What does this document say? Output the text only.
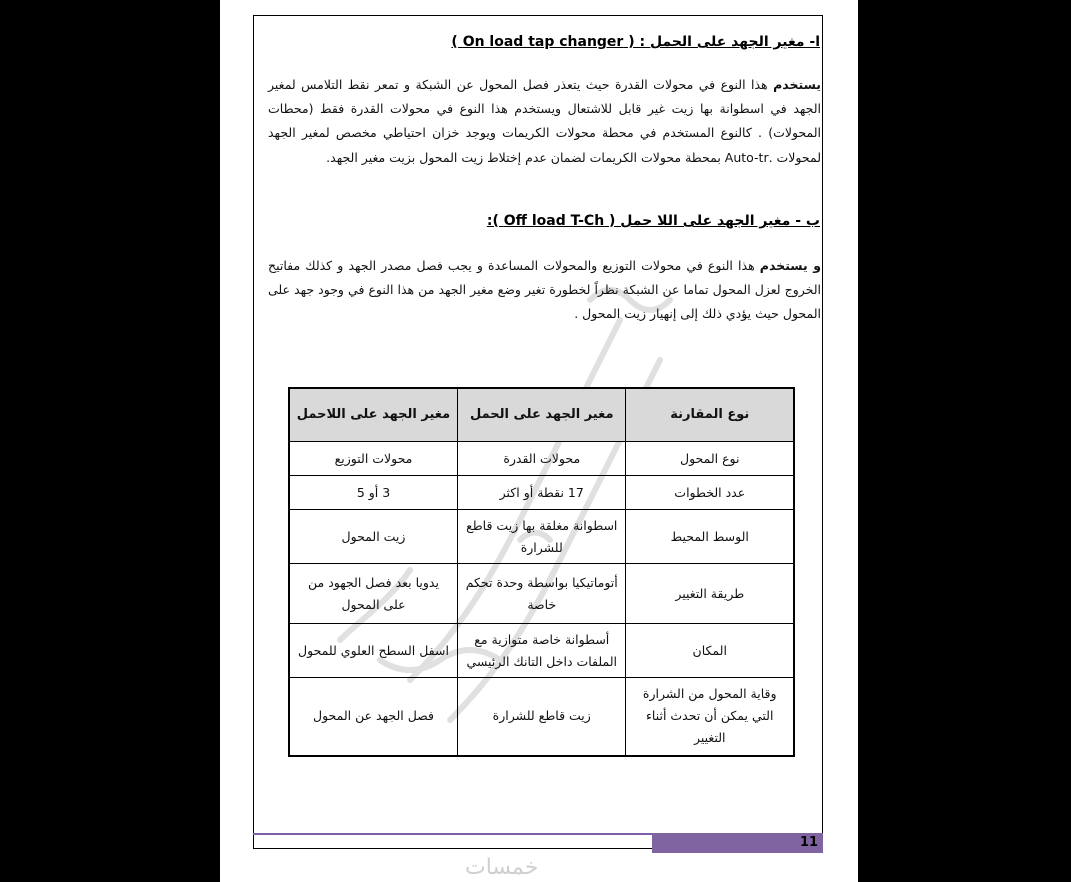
ا- مغير الجهد على الحمل : ( On load tap changer )
يستخدم هذا النوع في محولات القدرة حيث يتعذر فصل المحول عن الشبكة و تمعر نقط التلامس لمغير الجهد في اسطوانة بها زيت غير قابل للاشتعال ويستخدم هذا النوع في محولات القدرة فقط (محطات المحولات) . كالنوع المستخدم في محطة محولات الكريمات ويوجد خزان احتياطي مخصص لمغير الجهد لمحولات .Auto-tr بمحطة محولات الكريمات لضمان عدم إختلاط زيت المحول بزيت مغير الجهد.
ب - مغير الجهد على اللا حمل ( Off load T-Ch ):
و يستخدم هذا النوع في محولات التوزيع والمحولات المساعدة و يجب فصل مصدر الجهد و كذلك مفاتيح الخروج لعزل المحول تماما عن الشبكة نظراً لخطورة تغير وضع مغير الجهد من هذا النوع في وجود جهد على المحول حيث يؤدي ذلك إلى إنهيار زيت المحول .
نوع المقارنة	مغير الجهد على الحمل	مغير الجهد على اللاحمل
نوع المحول	محولات القدرة	محولات التوزيع
عدد الخطوات	17 نقطة أو اكثر	3 أو 5
الوسط المحيط	اسطوانة مغلقة بها زيت قاطع للشرارة	زيت المحول
طريقة التغيير	أتوماتيكيا بواسطة وحدة تحكم خاصة	يدويا بعد فصل الجهود من على المحول
المكان	أسطوانة خاصة متوازية مع الملفات داخل التانك الرئيسي	اسفل السطح العلوي للمحول
وقاية المحول من الشرارة التي يمكن أن تحدث أثناء التغيير	زيت قاطع للشرارة	فصل الجهد عن المحول
11
خمسات
